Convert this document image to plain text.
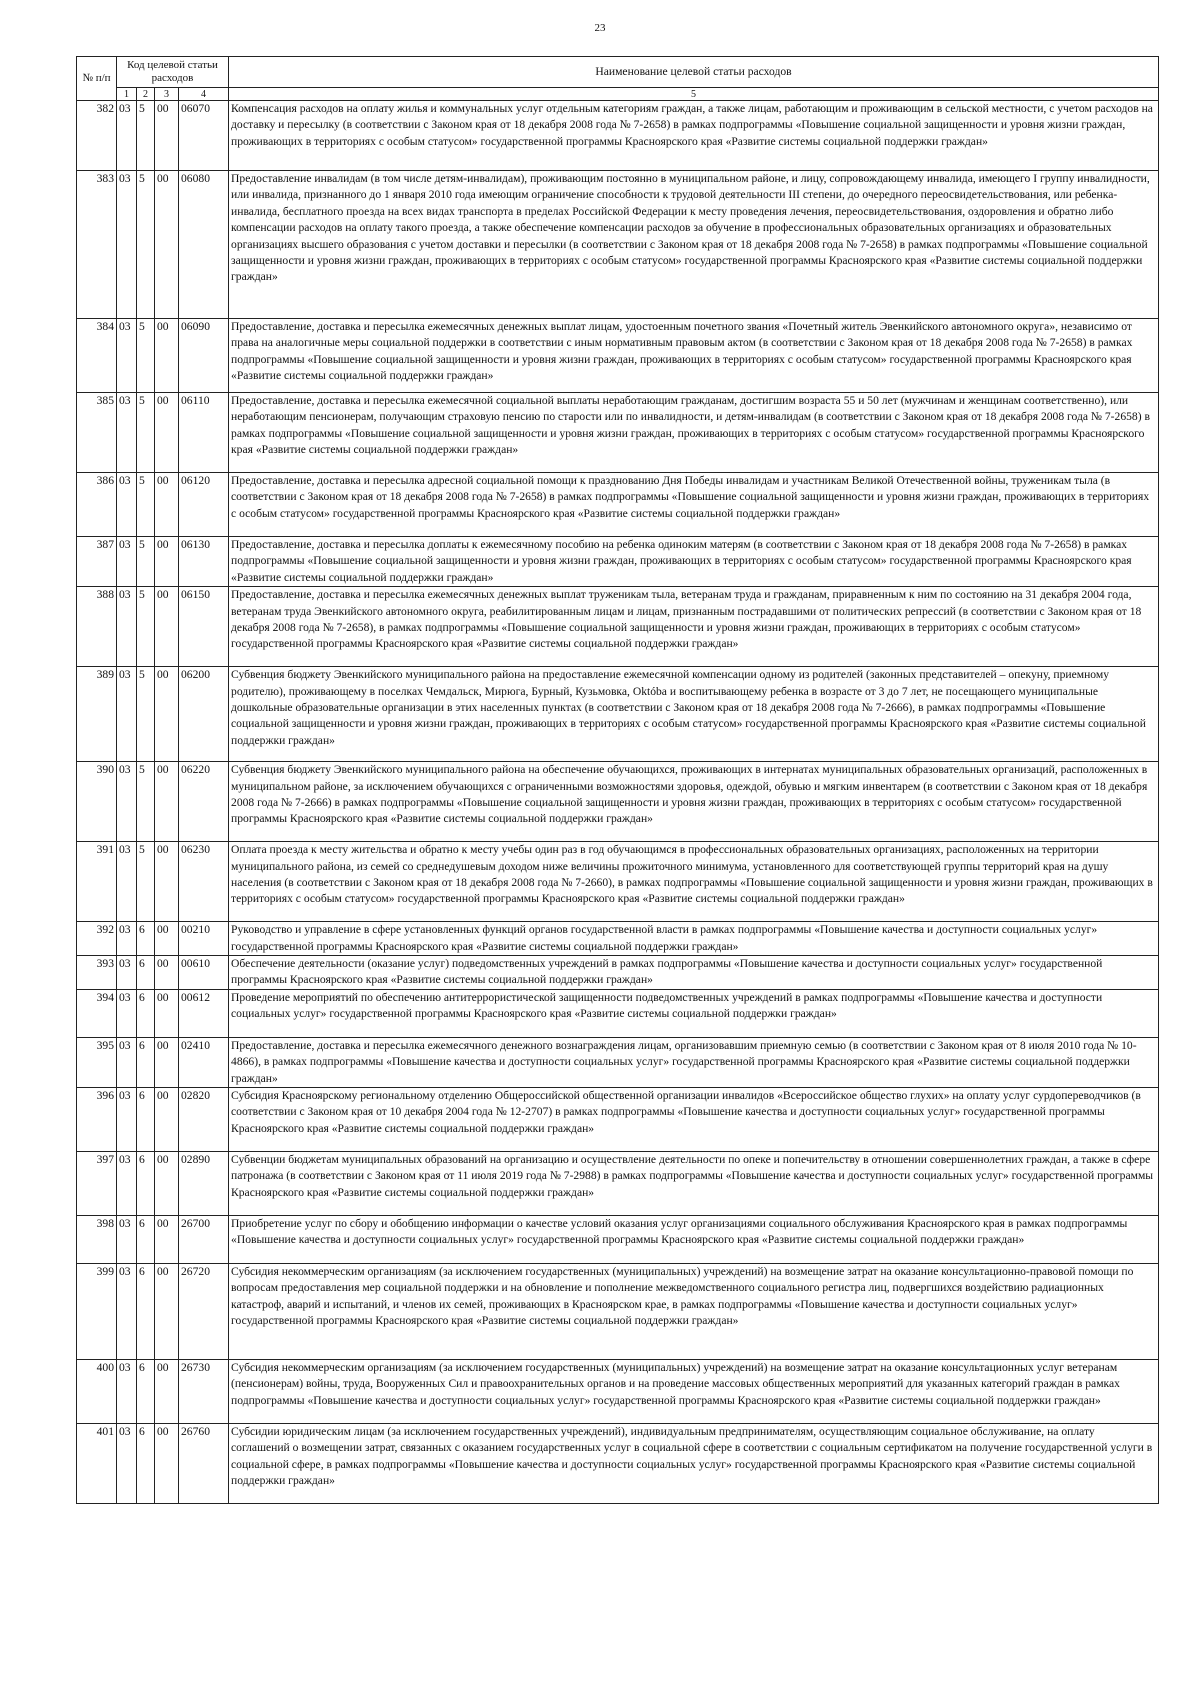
23
№ п/п	Код целевой статьи расходов				Наименование целевой статьи расходов
	1	2	3	4	5
382	03	5	00	06070	Компенсация расходов на оплату жилья и коммунальных услуг отдельным категориям граждан, а также лицам, работающим и проживающим в сельской местности, с учетом расходов на доставку и пересылку (в соответствии с Законом края от 18 декабря 2008 года № 7-2658) в рамках подпрограммы «Повышение социальной защищенности и уровня жизни граждан, проживающих в территориях с особым статусом» государственной программы Красноярского края «Развитие системы социальной поддержки граждан»
383	03	5	00	06080	Предоставление инвалидам (в том числе детям-инвалидам), проживающим постоянно в муниципальном районе, и лицу, сопровождающему инвалида, имеющего I группу инвалидности, или инвалида, признанного до 1 января 2010 года имеющим ограничение способности к трудовой деятельности III степени, до очередного переосвидетельствования, или ребенка-инвалида, бесплатного проезда на всех видах транспорта в пределах Российской Федерации к месту проведения лечения, переосвидетельствования, оздоровления и обратно либо компенсации расходов на оплату такого проезда, а также обеспечение компенсации расходов за обучение в профессиональных образовательных организациях и образовательных организациях высшего образования с учетом доставки и пересылки (в соответствии с Законом края от 18 декабря 2008 года № 7-2658) в рамках подпрограммы «Повышение социальной защищенности и уровня жизни граждан, проживающих в территориях с особым статусом» государственной программы Красноярского края «Развитие системы социальной поддержки граждан»
384	03	5	00	06090	Предоставление, доставка и пересылка ежемесячных денежных выплат лицам, удостоенным почетного звания «Почетный житель Эвенкийского автономного округа», независимо от права на аналогичные меры социальной поддержки в соответствии с иным нормативным правовым актом (в соответствии с Законом края от 18 декабря 2008 года № 7-2658) в рамках подпрограммы «Повышение социальной защищенности и уровня жизни граждан, проживающих в территориях с особым статусом» государственной программы Красноярского края «Развитие системы социальной поддержки граждан»
385	03	5	00	06110	Предоставление, доставка и пересылка ежемесячной социальной выплаты неработающим гражданам, достигшим возраста 55 и 50 лет (мужчинам и женщинам соответственно), или неработающим пенсионерам, получающим страховую пенсию по старости или по инвалидности, и детям-инвалидам (в соответствии с Законом края от 18 декабря 2008 года № 7-2658) в рамках подпрограммы «Повышение социальной защищенности и уровня жизни граждан, проживающих в территориях с особым статусом» государственной программы Красноярского края «Развитие системы социальной поддержки граждан»
386	03	5	00	06120	Предоставление, доставка и пересылка адресной социальной помощи к празднованию Дня Победы инвалидам и участникам Великой Отечественной войны, труженикам тыла (в соответствии с Законом края от 18 декабря 2008 года № 7-2658) в рамках подпрограммы «Повышение социальной защищенности и уровня жизни граждан, проживающих в территориях с особым статусом» государственной программы Красноярского края «Развитие системы социальной поддержки граждан»
387	03	5	00	06130	Предоставление, доставка и пересылка доплаты к ежемесячному пособию на ребенка одиноким матерям (в соответствии с Законом края от 18 декабря 2008 года № 7-2658) в рамках подпрограммы «Повышение социальной защищенности и уровня жизни граждан, проживающих в территориях с особым статусом» государственной программы Красноярского края «Развитие системы социальной поддержки граждан»
388	03	5	00	06150	Предоставление, доставка и пересылка ежемесячных денежных выплат труженикам тыла, ветеранам труда и гражданам, приравненным к ним по состоянию на 31 декабря 2004 года, ветеранам труда Эвенкийского автономного округа, реабилитированным лицам и лицам, признанным пострадавшими от политических репрессий (в соответствии с Законом края от 18 декабря 2008 года № 7-2658), в рамках подпрограммы «Повышение социальной защищенности и уровня жизни граждан, проживающих в территориях с особым статусом» государственной программы Красноярского края «Развитие системы социальной поддержки граждан»
389	03	5	00	06200	Субвенция бюджету Эвенкийского муниципального района на предоставление ежемесячной компенсации одному из родителей (законных представителей – опекуну, приемному родителю), проживающему в поселках Чемдальск, Мирюга, Бурный, Кузьмовка, Októba и воспитывающему ребенка в возрасте от 3 до 7 лет, не посещающего муниципальные дошкольные образовательные организации в этих населенных пунктах (в соответствии с Законом края от 18 декабря 2008 года № 7-2666), в рамках подпрограммы «Повышение социальной защищенности и уровня жизни граждан, проживающих в территориях с особым статусом» государственной программы Красноярского края «Развитие системы социальной поддержки граждан»
390	03	5	00	06220	Субвенция бюджету Эвенкийского муниципального района на обеспечение обучающихся, проживающих в интернатах муниципальных образовательных организаций, расположенных в муниципальном районе, за исключением обучающихся с ограниченными возможностями здоровья, одеждой, обувью и мягким инвентарем (в соответствии с Законом края от 18 декабря 2008 года № 7-2666) в рамках подпрограммы «Повышение социальной защищенности и уровня жизни граждан, проживающих в территориях с особым статусом» государственной программы Красноярского края «Развитие системы социальной поддержки граждан»
391	03	5	00	06230	Оплата проезда к месту жительства и обратно к месту учебы один раз в год обучающимся в профессиональных образовательных организациях, расположенных на территории муниципального района, из семей со среднедушевым доходом ниже величины прожиточного минимума, установленного для соответствующей группы территорий края на душу населения (в соответствии с Законом края от 18 декабря 2008 года № 7-2660), в рамках подпрограммы «Повышение социальной защищенности и уровня жизни граждан, проживающих в территориях с особым статусом» государственной программы Красноярского края «Развитие системы социальной поддержки граждан»
392	03	6	00	00210	Руководство и управление в сфере установленных функций органов государственной власти в рамках подпрограммы «Повышение качества и доступности социальных услуг» государственной программы Красноярского края «Развитие системы социальной поддержки граждан»
393	03	6	00	00610	Обеспечение деятельности (оказание услуг) подведомственных учреждений в рамках подпрограммы «Повышение качества и доступности социальных услуг» государственной программы Красноярского края «Развитие системы социальной поддержки граждан»
394	03	6	00	00612	Проведение мероприятий по обеспечению антитеррористической защищенности подведомственных учреждений в рамках подпрограммы «Повышение качества и доступности социальных услуг» государственной программы Красноярского края «Развитие системы социальной поддержки граждан»
395	03	6	00	02410	Предоставление, доставка и пересылка ежемесячного денежного вознаграждения лицам, организовавшим приемную семью (в соответствии с Законом края от 8 июля 2010 года № 10-4866), в рамках подпрограммы «Повышение качества и доступности социальных услуг» государственной программы Красноярского края «Развитие системы социальной поддержки граждан»
396	03	6	00	02820	Субсидия Красноярскому региональному отделению Общероссийской общественной организации инвалидов «Всероссийское общество глухих» на оплату услуг сурдопереводчиков (в соответствии с Законом края от 10 декабря 2004 года № 12-2707) в рамках подпрограммы «Повышение качества и доступности социальных услуг» государственной программы Красноярского края «Развитие системы социальной поддержки граждан»
397	03	6	00	02890	Субвенции бюджетам муниципальных образований на организацию и осуществление деятельности по опеке и попечительству в отношении совершеннолетних граждан, а также в сфере патронажа (в соответствии с Законом края от 11 июля 2019 года № 7-2988) в рамках подпрограммы «Повышение качества и доступности социальных услуг» государственной программы Красноярского края «Развитие системы социальной поддержки граждан»
398	03	6	00	26700	Приобретение услуг по сбору и обобщению информации о качестве условий оказания услуг организациями социального обслуживания Красноярского края в рамках подпрограммы «Повышение качества и доступности социальных услуг» государственной программы Красноярского края «Развитие системы социальной поддержки граждан»
399	03	6	00	26720	Субсидия некоммерческим организациям (за исключением государственных (муниципальных) учреждений) на возмещение затрат на оказание консультационно-правовой помощи по вопросам предоставления мер социальной поддержки и на обновление и пополнение межведомственного социального регистра лиц, подвергшихся воздействию радиационных катастроф, аварий и испытаний, и членов их семей, проживающих в Красноярском крае, в рамках подпрограммы «Повышение качества и доступности социальных услуг» государственной программы Красноярского края «Развитие системы социальной поддержки граждан»
400	03	6	00	26730	Субсидия некоммерческим организациям (за исключением государственных (муниципальных) учреждений) на возмещение затрат на оказание консультационных услуг ветеранам (пенсионерам) войны, труда, Вооруженных Сил и правоохранительных органов и на проведение массовых общественных мероприятий для указанных категорий граждан в рамках подпрограммы «Повышение качества и доступности социальных услуг» государственной программы Красноярского края «Развитие системы социальной поддержки граждан»
401	03	6	00	26760	Субсидии юридическим лицам (за исключением государственных учреждений), индивидуальным предпринимателям, осуществляющим социальное обслуживание, на оплату соглашений о возмещении затрат, связанных с оказанием государственных услуг в социальной сфере в соответствии с социальным сертификатом на получение государственной услуги в социальной сфере, в рамках подпрограммы «Повышение качества и доступности социальных услуг» государственной программы Красноярского края «Развитие системы социальной поддержки граждан»
